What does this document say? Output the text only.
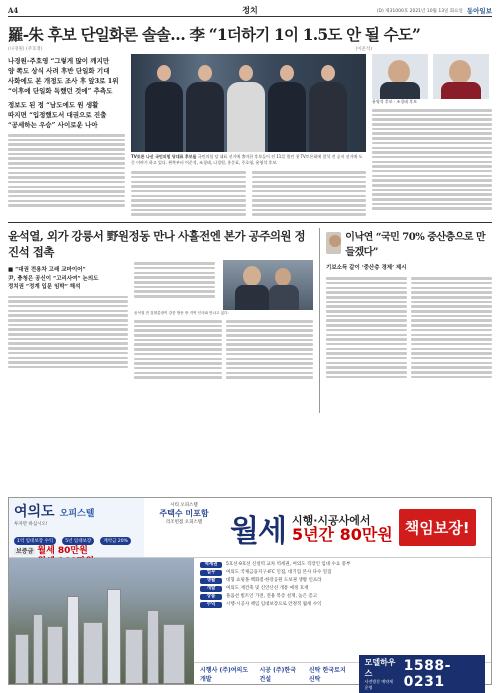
A4	정치	(D) 제31000호 2021년 10월 13일 화요일 동아일보
羅-朱 후보 단일화론 솔솔… 李 “1더하기 1이 1.5도 안 될 수도”
(나경원) (주호영)	(이준석)
나경원-주호영 “그렇게 많이 깨지만
양 쪽도 상식 사려 후반 단일화 기대
사화에도 본 개정도 조사 후 앞3로 1위
“이후에 단일화 독했던 것에” 추측도
정보도 된 정 “남도에도 원 생활
따지면 “입정했도서 대권으로 진출
“공세하는 우승” 사이로운 나아
TV토론 나선 국민의힘 당대표 후보들 국민의힘 당 대표 선거에 출마한 후보들이 전 11일 열린 첫 TV토론회에 참석 전 공지 선거에 도 중 이야기 하고 있다. 왼쪽부터 이준석, 조경태, 나경원, 홍문표, 주호영, 윤영석 후보.

윤영석 후보 · 조경태 후보
윤석열, 외가 강릉서 野원정동 만나 사흘전엔 본가 공주의원 정진석 접촉
■ “대권 전용차 고래 교마이어”
尹, 충청은 공신이 “고리사여” 논의도
정치권 “정계 입문 임박” 해석
윤석열 전 검찰총장이 강릉 방문 중 지역 인사와 만나고 있다.
이낙연 “국민 70% 중산층으로 만들겠다”
기보소득 같이 ‘중산층 경제’ 제시
여의도 오피스텔
투자만 하십시오!
1억 임대보장 수익	5년 임대보장	계약금 20%
보증금 월세 80만원
시티 오피스텔
주택수 미포함
리조빈점 오피스텔 월세 시행·시공사에서
5년간 80만원 책임보장!
역세권	5호선·9호선 신설역 교차 역세권, 여의도 직장인 임대 수요 풍부
업무	여의도 국제금융지구·IFC 인접, 대기업 본사 다수 밀집
생활	대형 쇼핑몰·백화점·한강공원 도보권 생활 인프라
개발	여의도 재건축 및 신안산선 개통 예정 호재
상품	풀옵션 빌트인 가전, 전용 복층 설계, 높은 층고
수익	시행·시공사 책임 임대보장으로 안정적 월세 수익
시행사 (주)여의도개발
시공 (주)한국건설
신탁 한국토지신탁
모델하우스
사전방문 예약제 운영
1588-0231
